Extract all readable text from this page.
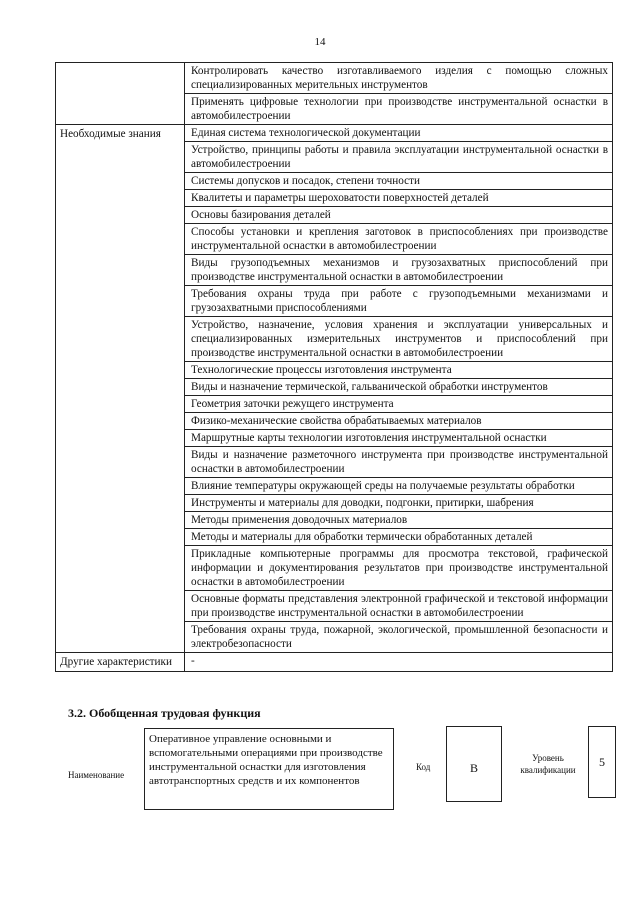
14
	Контролировать качество изготавливаемого изделия с помощью сложных специализированных мерительных инструментов
	Применять цифровые технологии при производстве инструментальной оснастки в автомобилестроении
Необходимые знания	Единая система технологической документации
	Устройство, принципы работы и правила эксплуатации инструментальной оснастки в автомобилестроении
	Системы допусков и посадок, степени точности
	Квалитеты и параметры шероховатости поверхностей деталей
	Основы базирования деталей
	Способы установки и крепления заготовок в приспособлениях при производстве инструментальной оснастки в автомобилестроении
	Виды грузоподъемных механизмов и грузозахватных приспособлений при производстве инструментальной оснастки в автомобилестроении
	Требования охраны труда при работе с грузоподъемными механизмами и грузозахватными приспособлениями
	Устройство, назначение, условия хранения и эксплуатации универсальных и специализированных измерительных инструментов и приспособлений при производстве инструментальной оснастки в автомобилестроении
	Технологические процессы изготовления инструмента
	Виды и назначение термической, гальванической обработки инструментов
	Геометрия заточки режущего инструмента
	Физико-механические свойства обрабатываемых материалов
	Маршрутные карты технологии изготовления инструментальной оснастки
	Виды и назначение разметочного инструмента при производстве инструментальной оснастки в автомобилестроении
	Влияние температуры окружающей среды на получаемые результаты обработки
	Инструменты и материалы для доводки, подгонки, притирки, шабрения
	Методы применения доводочных материалов
	Методы и материалы для обработки термически обработанных деталей
	Прикладные компьютерные программы для просмотра текстовой, графической информации и документирования результатов при производстве инструментальной оснастки в автомобилестроении
	Основные форматы представления электронной графической и текстовой информации при производстве инструментальной оснастки в автомобилестроении
	Требования охраны труда, пожарной, экологической, промышленной безопасности и электробезопасности
Другие характеристики	-
3.2. Обобщенная трудовая функция
Наименование
Оперативное управление основными и вспомогательными операциями при производстве инструментальной оснастки для изготовления автотранспортных средств и их компонентов
Код	В
Уровень квалификации
5
